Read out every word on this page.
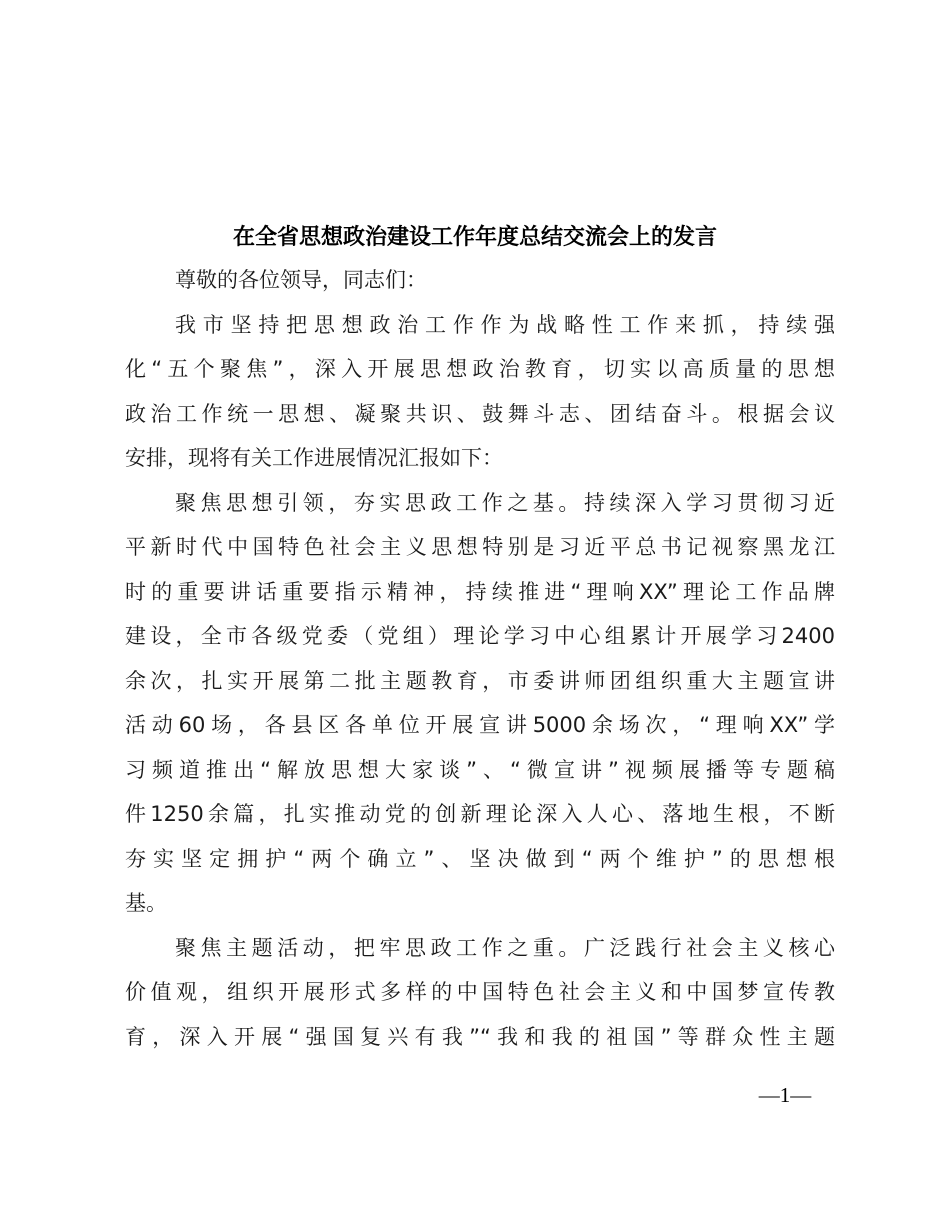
在全省思想政治建设工作年度总结交流会上的发言
尊敬的各位领导，同志们：
我市坚持把思想政治工作作为战略性工作来抓，持续强
化“五个聚焦”，深入开展思想政治教育，切实以高质量的思想
政治工作统一思想、凝聚共识、鼓舞斗志、团结奋斗。根据会议
安排，现将有关工作进展情况汇报如下：
聚焦思想引领，夯实思政工作之基。持续深入学习贯彻习近
平新时代中国特色社会主义思想特别是习近平总书记视察黑龙江
时的重要讲话重要指示精神，持续推进“理响XX”理论工作品牌
建设，全市各级党委（党组）理论学习中心组累计开展学习2400
余次，扎实开展第二批主题教育，市委讲师团组织重大主题宣讲
活动60场，各县区各单位开展宣讲5000余场次，“理响XX”学
习频道推出“解放思想大家谈”、“微宣讲”视频展播等专题稿
件1250余篇，扎实推动党的创新理论深入人心、落地生根，不断
夯实坚定拥护“两个确立”、坚决做到“两个维护”的思想根
基。
聚焦主题活动，把牢思政工作之重。广泛践行社会主义核心
价值观，组织开展形式多样的中国特色社会主义和中国梦宣传教
育，深入开展“强国复兴有我”“我和我的祖国”等群众性主题
—1—
